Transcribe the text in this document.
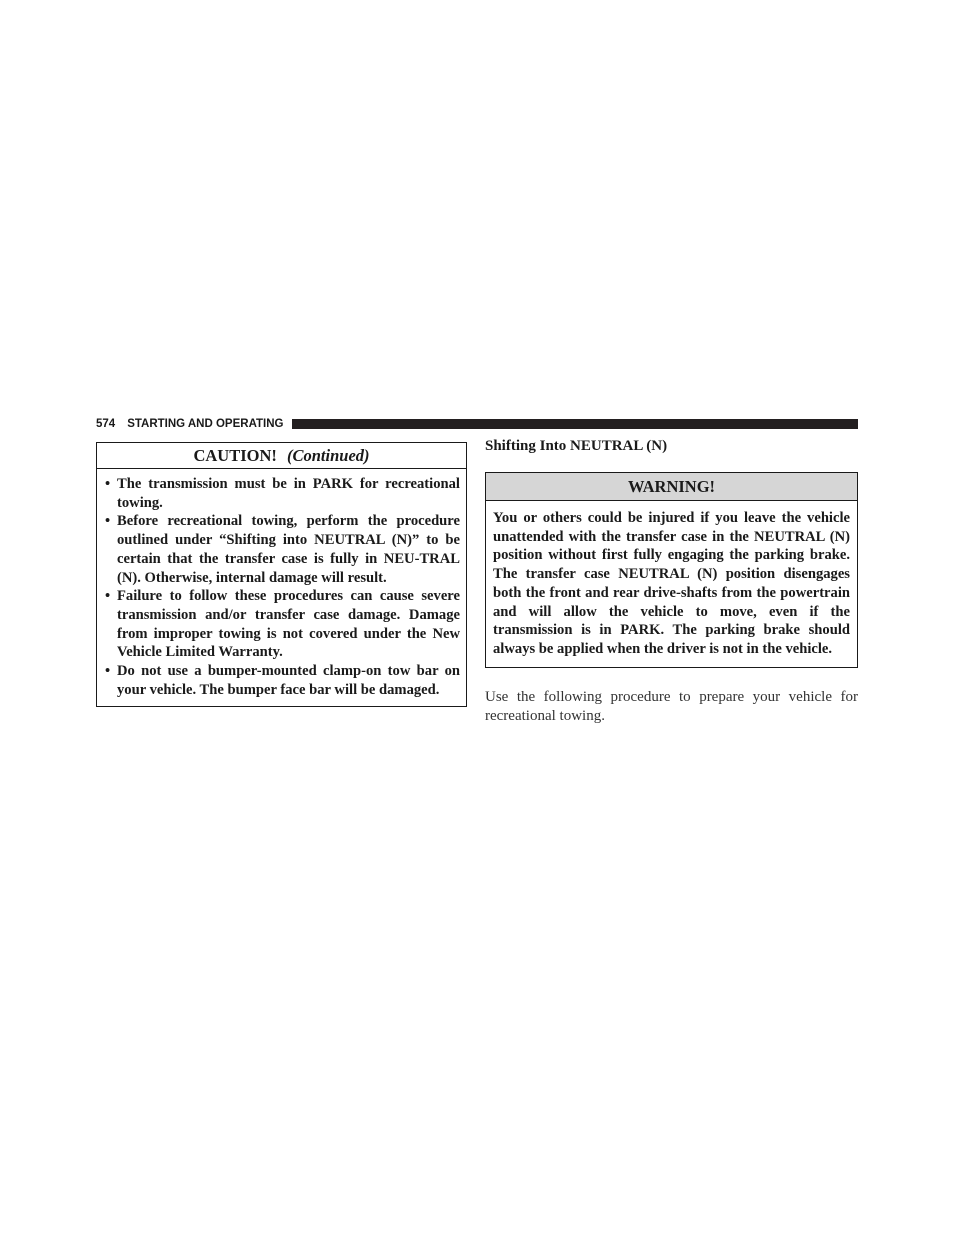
574 STARTING AND OPERATING
CAUTION! (Continued)
• The transmission must be in PARK for recreational towing.
• Before recreational towing, perform the procedure outlined under “Shifting into NEUTRAL (N)” to be certain that the transfer case is fully in NEU-TRAL (N). Otherwise, internal damage will result.
• Failure to follow these procedures can cause severe transmission and/or transfer case damage. Damage from improper towing is not covered under the New Vehicle Limited Warranty.
• Do not use a bumper-mounted clamp-on tow bar on your vehicle. The bumper face bar will be damaged.
Shifting Into NEUTRAL (N)
WARNING!

You or others could be injured if you leave the vehicle unattended with the transfer case in the NEUTRAL (N) position without first fully engaging the parking brake. The transfer case NEUTRAL (N) position disengages both the front and rear drive-shafts from the powertrain and will allow the vehicle to move, even if the transmission is in PARK. The parking brake should always be applied when the driver is not in the vehicle.

Use the following procedure to prepare your vehicle for recreational towing.
